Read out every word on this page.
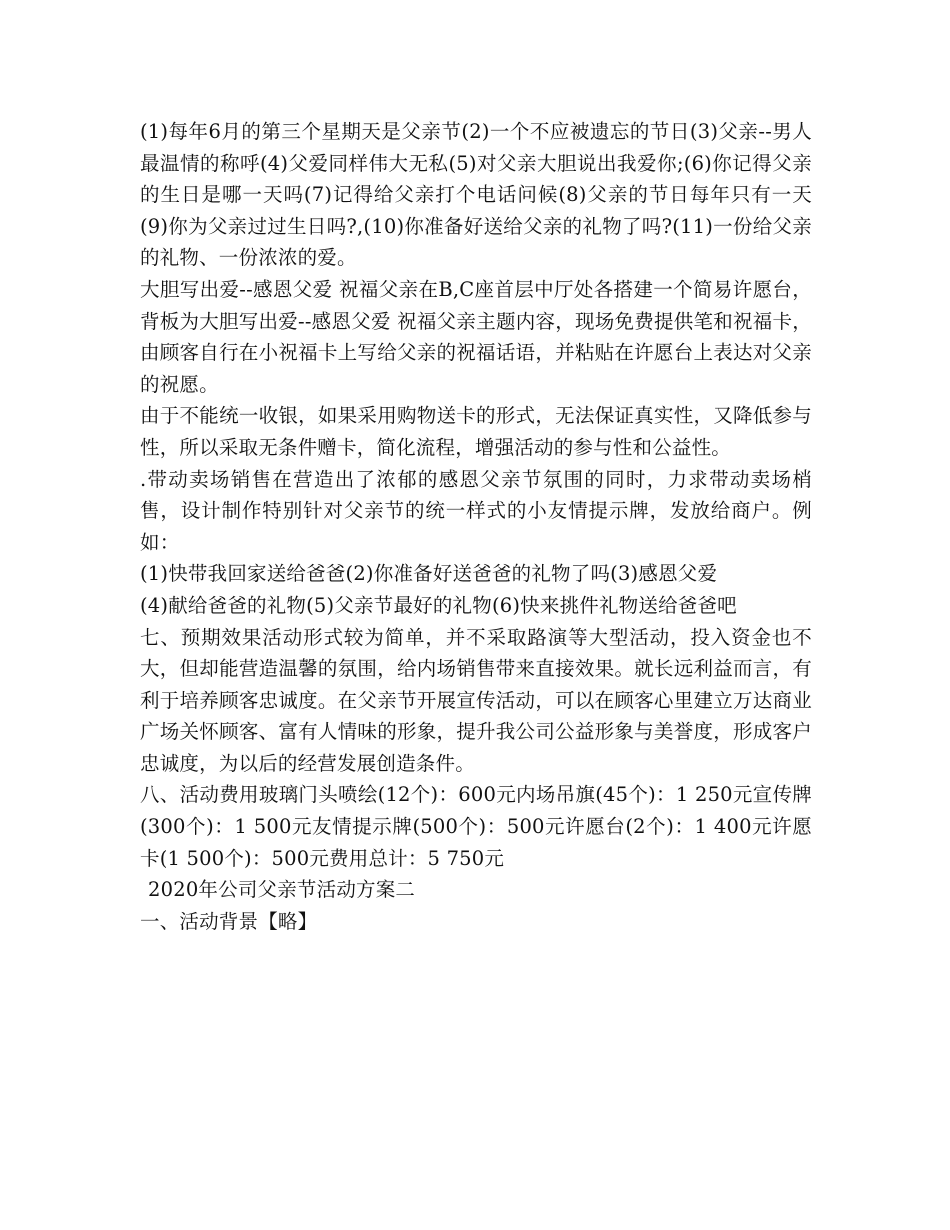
(1)每年6月的第三个星期天是父亲节(2)一个不应被遗忘的节日(3)父亲--男人最温情的称呼(4)父爱同样伟大无私(5)对父亲大胆说出我爱你;(6)你记得父亲的生日是哪一天吗(7)记得给父亲打个电话问候(8)父亲的节日每年只有一天(9)你为父亲过过生日吗?,(10)你准备好送给父亲的礼物了吗?(11)一份给父亲的礼物、一份浓浓的爱。

大胆写出爱--感恩父爱 祝福父亲在B,C座首层中厅处各搭建一个简易许愿台，背板为大胆写出爱--感恩父爱 祝福父亲主题内容，现场免费提供笔和祝福卡，由顾客自行在小祝福卡上写给父亲的祝福话语，并粘贴在许愿台上表达对父亲的祝愿。

由于不能统一收银，如果采用购物送卡的形式，无法保证真实性，又降低参与性，所以采取无条件赠卡，简化流程，增强活动的参与性和公益性。

.带动卖场销售在营造出了浓郁的感恩父亲节氛围的同时，力求带动卖场梢售，设计制作特别针对父亲节的统一样式的小友情提示牌，发放给商户。例如：

(1)快带我回家送给爸爸(2)你准备好送爸爸的礼物了吗(3)感恩父爱

(4)献给爸爸的礼物(5)父亲节最好的礼物(6)快来挑件礼物送给爸爸吧

七、预期效果活动形式较为简单，并不采取路演等大型活动，投入资金也不大，但却能营造温馨的氛围，给内场销售带来直接效果。就长远利益而言，有利于培养顾客忠诚度。在父亲节开展宣传活动，可以在顾客心里建立万达商业广场关怀顾客、富有人情味的形象，提升我公司公益形象与美誉度，形成客户忠诚度，为以后的经营发展创造条件。

八、活动费用玻璃门头喷绘(12个)：600元内场吊旗(45个)：1 250元宣传牌(300个)：1 500元友情提示牌(500个)：500元许愿台(2个)：1 400元许愿卡(1 500个)：500元费用总计：5 750元

2020年公司父亲节活动方案二

一、活动背景【略】
